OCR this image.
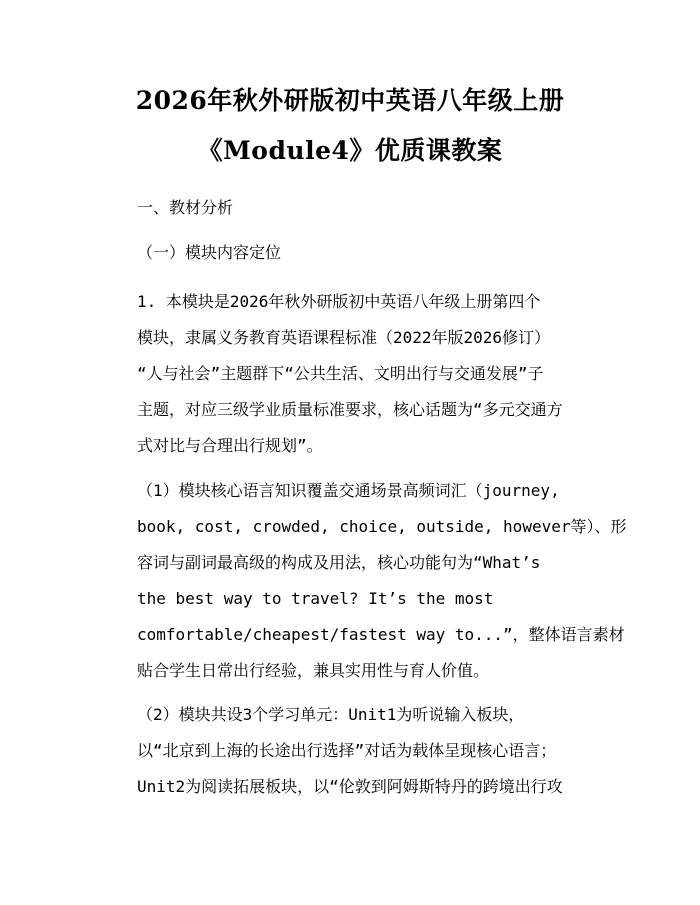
2026年秋外研版初中英语八年级上册
《Module4》优质课教案

一、教材分析

（一）模块内容定位

1. 本模块是2026年秋外研版初中英语八年级上册第四个
模块，隶属义务教育英语课程标准（2022年版2026修订）
“人与社会”主题群下“公共生活、文明出行与交通发展”子
主题，对应三级学业质量标准要求，核心话题为“多元交通方
式对比与合理出行规划”。

（1）模块核心语言知识覆盖交通场景高频词汇（journey,
book, cost, crowded, choice, outside, however等）、形
容词与副词最高级的构成及用法，核心功能句为“What’s
the best way to travel? It’s the most
comfortable/cheapest/fastest way to...”，整体语言素材
贴合学生日常出行经验，兼具实用性与育人价值。

（2）模块共设3个学习单元：Unit1为听说输入板块，
以“北京到上海的长途出行选择”对话为载体呈现核心语言；
Unit2为阅读拓展板块，以“伦敦到阿姆斯特丹的跨境出行攻
